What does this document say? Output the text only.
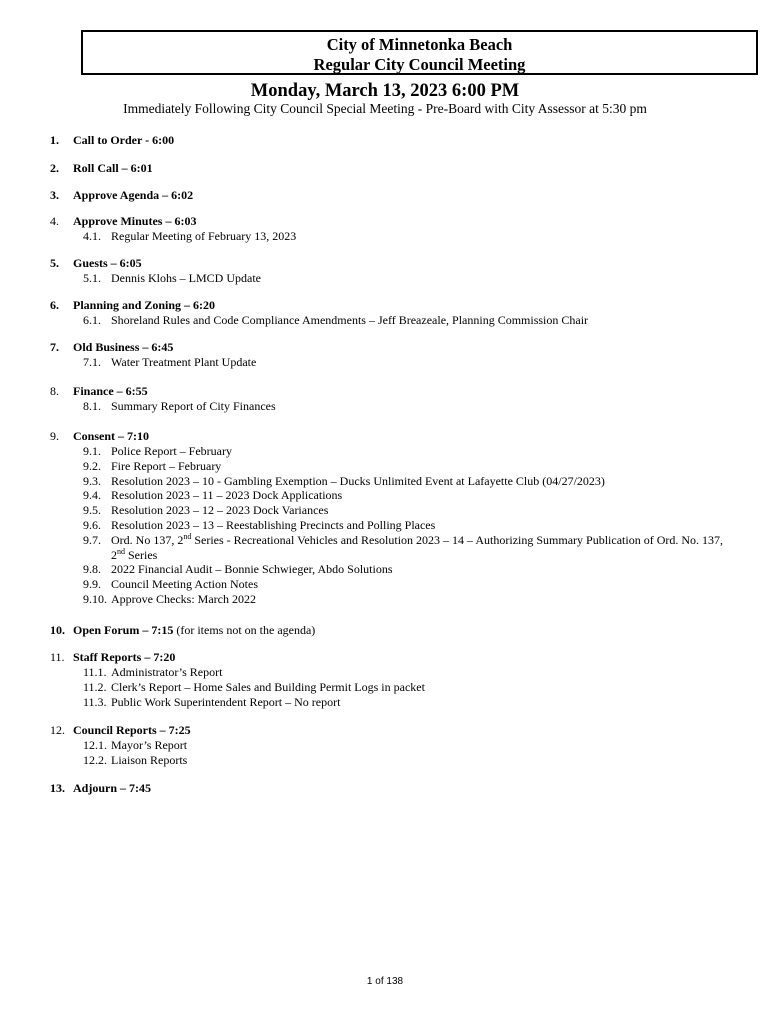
City of Minnetonka Beach
Regular City Council Meeting
Monday, March 13, 2023 6:00 PM
Immediately Following City Council Special Meeting - Pre-Board with City Assessor at 5:30 pm
1.	Call to Order - 6:00
2.	Roll Call – 6:01
3.	Approve Agenda – 6:02
4.	Approve Minutes – 6:03
4.1. Regular Meeting of February 13, 2023
5.	Guests – 6:05
5.1. Dennis Klohs – LMCD Update
6.	Planning and Zoning – 6:20
6.1. Shoreland Rules and Code Compliance Amendments – Jeff Breazeale, Planning Commission Chair
7.	Old Business – 6:45
7.1. Water Treatment Plant Update
8.	Finance – 6:55
8.1. Summary Report of City Finances
9.	Consent – 7:10
9.1. Police Report – February
9.2. Fire Report – February
9.3. Resolution 2023 – 10 - Gambling Exemption – Ducks Unlimited Event at Lafayette Club (04/27/2023)
9.4. Resolution 2023 – 11 – 2023 Dock Applications
9.5. Resolution 2023 – 12 – 2023 Dock Variances
9.6. Resolution 2023 – 13 – Reestablishing Precincts and Polling Places
9.7. Ord. No 137, 2nd Series - Recreational Vehicles and Resolution 2023 – 14 – Authorizing Summary Publication of Ord. No. 137, 2nd Series
9.8. 2022 Financial Audit – Bonnie Schwieger, Abdo Solutions
9.9. Council Meeting Action Notes
9.10. Approve Checks: March 2022
10. Open Forum – 7:15 (for items not on the agenda)
11. Staff Reports – 7:20
11.1. Administrator’s Report
11.2. Clerk’s Report – Home Sales and Building Permit Logs in packet
11.3. Public Work Superintendent Report – No report
12. Council Reports – 7:25
12.1. Mayor’s Report
12.2. Liaison Reports
13. Adjourn – 7:45
1 of 138
